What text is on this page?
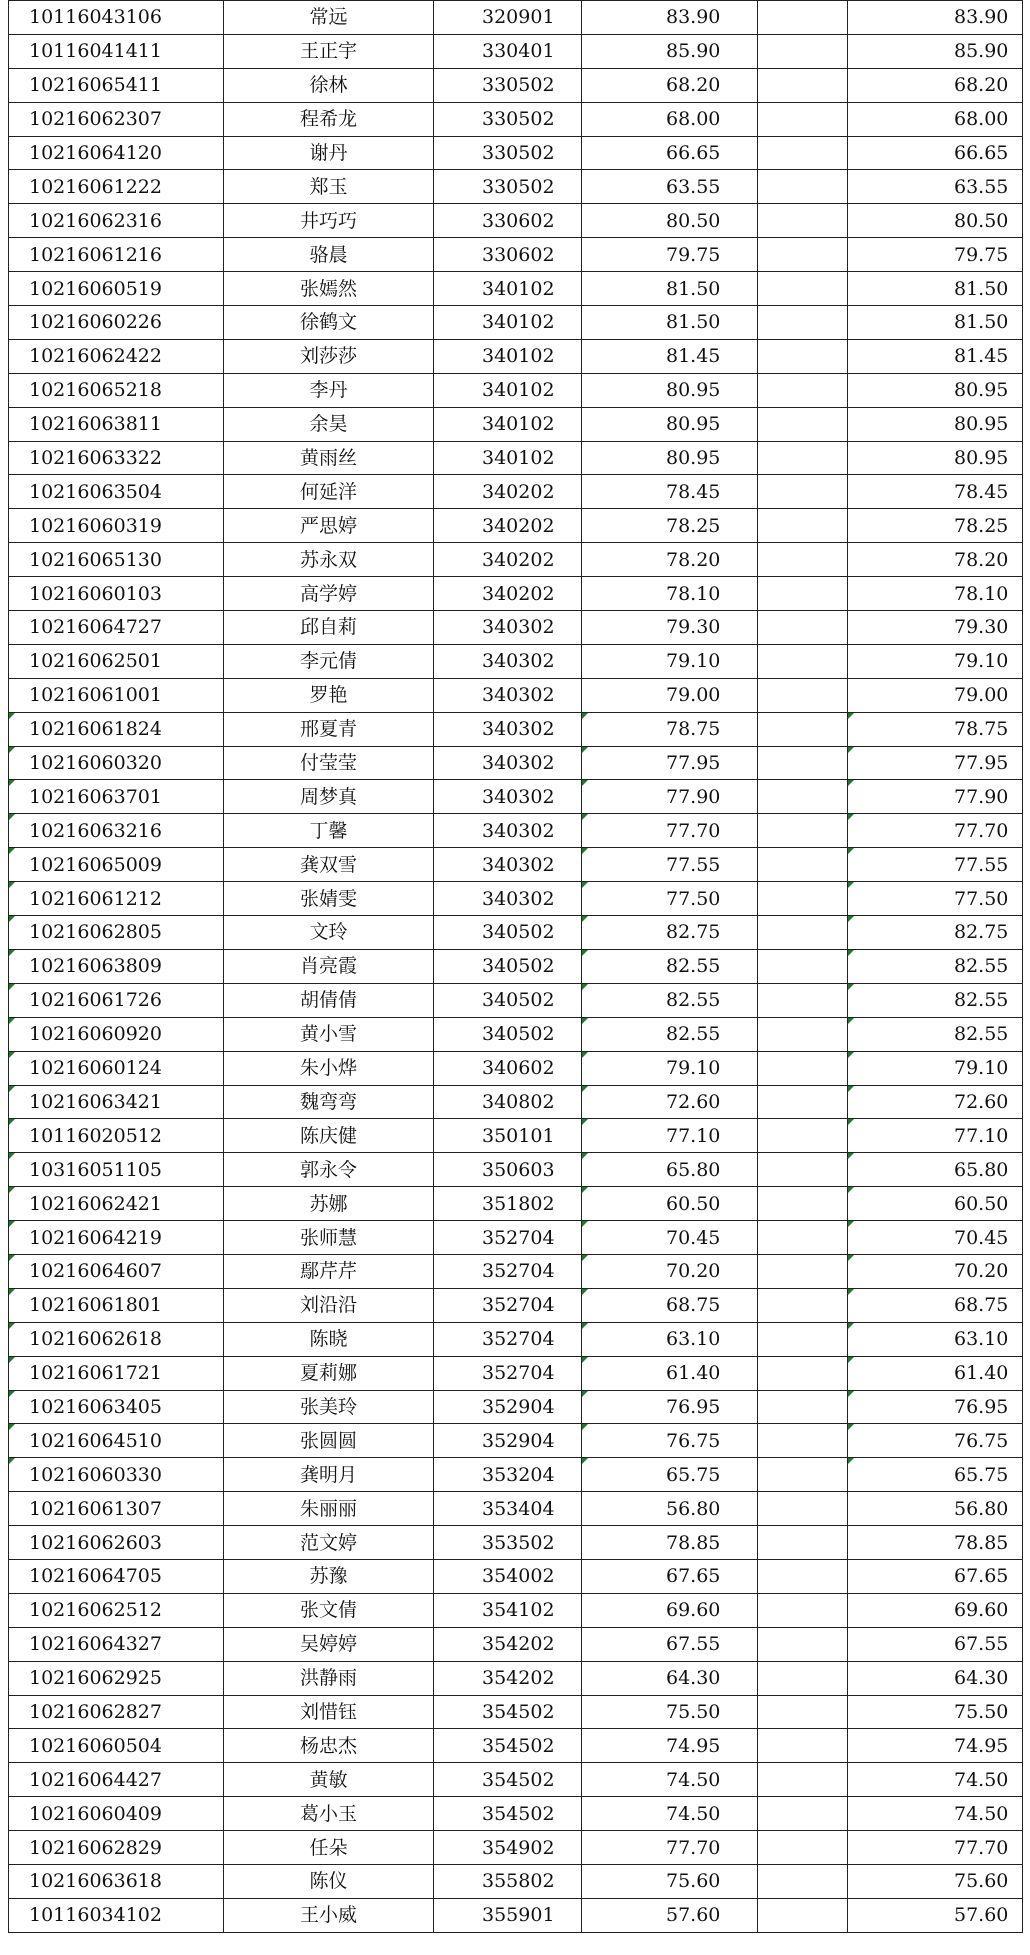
10116043106	常远	320901	83.90		83.90
10116041411	王正宇	330401	85.90		85.90
10216065411	徐林	330502	68.20		68.20
10216062307	程希龙	330502	68.00		68.00
10216064120	谢丹	330502	66.65		66.65
10216061222	郑玉	330502	63.55		63.55
10216062316	井巧巧	330602	80.50		80.50
10216061216	骆晨	330602	79.75		79.75
10216060519	张嫣然	340102	81.50		81.50
10216060226	徐鹤文	340102	81.50		81.50
10216062422	刘莎莎	340102	81.45		81.45
10216065218	李丹	340102	80.95		80.95
10216063811	余昊	340102	80.95		80.95
10216063322	黄雨丝	340102	80.95		80.95
10216063504	何延洋	340202	78.45		78.45
10216060319	严思婷	340202	78.25		78.25
10216065130	苏永双	340202	78.20		78.20
10216060103	高学婷	340202	78.10		78.10
10216064727	邱自莉	340302	79.30		79.30
10216062501	李元倩	340302	79.10		79.10
10216061001	罗艳	340302	79.00		79.00
10216061824	邢夏青	340302	78.75		78.75
10216060320	付莹莹	340302	77.95		77.95
10216063701	周梦真	340302	77.90		77.90
10216063216	丁馨	340302	77.70		77.70
10216065009	龚双雪	340302	77.55		77.55
10216061212	张婧雯	340302	77.50		77.50
10216062805	文玲	340502	82.75		82.75
10216063809	肖亮霞	340502	82.55		82.55
10216061726	胡倩倩	340502	82.55		82.55
10216060920	黄小雪	340502	82.55		82.55
10216060124	朱小烨	340602	79.10		79.10
10216063421	魏弯弯	340802	72.60		72.60
10116020512	陈庆健	350101	77.10		77.10
10316051105	郭永令	350603	65.80		65.80
10216062421	苏娜	351802	60.50		60.50
10216064219	张师慧	352704	70.45		70.45
10216064607	鄢芹芹	352704	70.20		70.20
10216061801	刘沿沿	352704	68.75		68.75
10216062618	陈晓	352704	63.10		63.10
10216061721	夏莉娜	352704	61.40		61.40
10216063405	张美玲	352904	76.95		76.95
10216064510	张圆圆	352904	76.75		76.75
10216060330	龚明月	353204	65.75		65.75
10216061307	朱丽丽	353404	56.80		56.80
10216062603	范文婷	353502	78.85		78.85
10216064705	苏豫	354002	67.65		67.65
10216062512	张文倩	354102	69.60		69.60
10216064327	吴婷婷	354202	67.55		67.55
10216062925	洪静雨	354202	64.30		64.30
10216062827	刘惜钰	354502	75.50		75.50
10216060504	杨忠杰	354502	74.95		74.95
10216064427	黄敏	354502	74.50		74.50
10216060409	葛小玉	354502	74.50		74.50
10216062829	任朵	354902	77.70		77.70
10216063618	陈仪	355802	75.60		75.60
10116034102	王小威	355901	57.60		57.60
